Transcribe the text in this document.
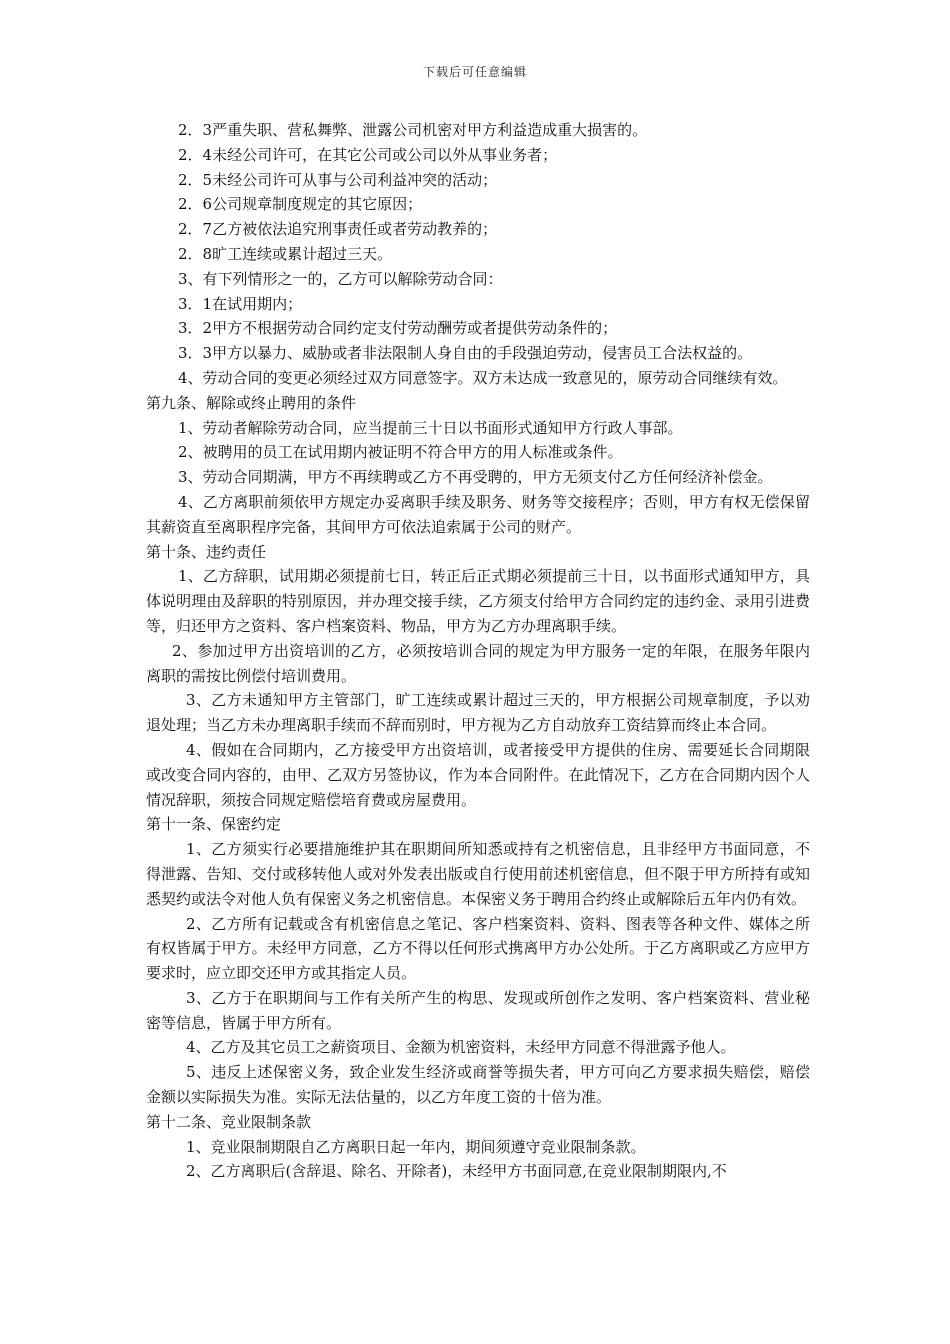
下载后可任意编辑

2．3严重失职、营私舞弊、泄露公司机密对甲方利益造成重大损害的。

2．4未经公司许可，在其它公司或公司以外从事业务者；

2．5未经公司许可从事与公司利益冲突的活动；

2．6公司规章制度规定的其它原因；

2．7乙方被依法追究刑事责任或者劳动教养的；

2．8旷工连续或累计超过三天。

3、有下列情形之一的，乙方可以解除劳动合同：

3．1在试用期内；

3．2甲方不根据劳动合同约定支付劳动酬劳或者提供劳动条件的；

3．3甲方以暴力、威胁或者非法限制人身自由的手段强迫劳动，侵害员工合法权益的。

4、劳动合同的变更必须经过双方同意签字。双方未达成一致意见的，原劳动合同继续有效。

第九条、解除或终止聘用的条件

1、劳动者解除劳动合同，应当提前三十日以书面形式通知甲方行政人事部。

2、被聘用的员工在试用期内被证明不符合甲方的用人标准或条件。

3、劳动合同期满，甲方不再续聘或乙方不再受聘的，甲方无须支付乙方任何经济补偿金。

4、乙方离职前须依甲方规定办妥离职手续及职务、财务等交接程序；否则，甲方有权无偿保留其薪资直至离职程序完备，其间甲方可依法追索属于公司的财产。

第十条、违约责任

1、乙方辞职，试用期必须提前七日，转正后正式期必须提前三十日，以书面形式通知甲方，具体说明理由及辞职的特别原因，并办理交接手续，乙方须支付给甲方合同约定的违约金、录用引进费等，归还甲方之资料、客户档案资料、物品，甲方为乙方办理离职手续。

2、参加过甲方出资培训的乙方，必须按培训合同的规定为甲方服务一定的年限，在服务年限内离职的需按比例偿付培训费用。

3、乙方未通知甲方主管部门，旷工连续或累计超过三天的，甲方根据公司规章制度，予以劝退处理；当乙方未办理离职手续而不辞而别时，甲方视为乙方自动放弃工资结算而终止本合同。

4、假如在合同期内，乙方接受甲方出资培训，或者接受甲方提供的住房、需要延长合同期限或改变合同内容的，由甲、乙双方另签协议，作为本合同附件。在此情况下，乙方在合同期内因个人情况辞职，须按合同规定赔偿培育费或房屋费用。

第十一条、保密约定

1、乙方须实行必要措施维护其在职期间所知悉或持有之机密信息，且非经甲方书面同意，不得泄露、告知、交付或移转他人或对外发表出版或自行使用前述机密信息，但不限于甲方所持有或知悉契约或法令对他人负有保密义务之机密信息。本保密义务于聘用合约终止或解除后五年内仍有效。

2、乙方所有记载或含有机密信息之笔记、客户档案资料、资料、图表等各种文件、媒体之所有权皆属于甲方。未经甲方同意，乙方不得以任何形式携离甲方办公处所。于乙方离职或乙方应甲方要求时，应立即交还甲方或其指定人员。

3、乙方于在职期间与工作有关所产生的构思、发现或所创作之发明、客户档案资料、营业秘密等信息，皆属于甲方所有。

4、乙方及其它员工之薪资项目、金额为机密资料，未经甲方同意不得泄露予他人。

5、违反上述保密义务，致企业发生经济或商誉等损失者，甲方可向乙方要求损失赔偿，赔偿金额以实际损失为准。实际无法估量的，以乙方年度工资的十倍为准。

第十二条、竞业限制条款

1、竞业限制期限自乙方离职日起一年内，期间须遵守竞业限制条款。

2、乙方离职后(含辞退、除名、开除者)，未经甲方书面同意,在竞业限制期限内,不
